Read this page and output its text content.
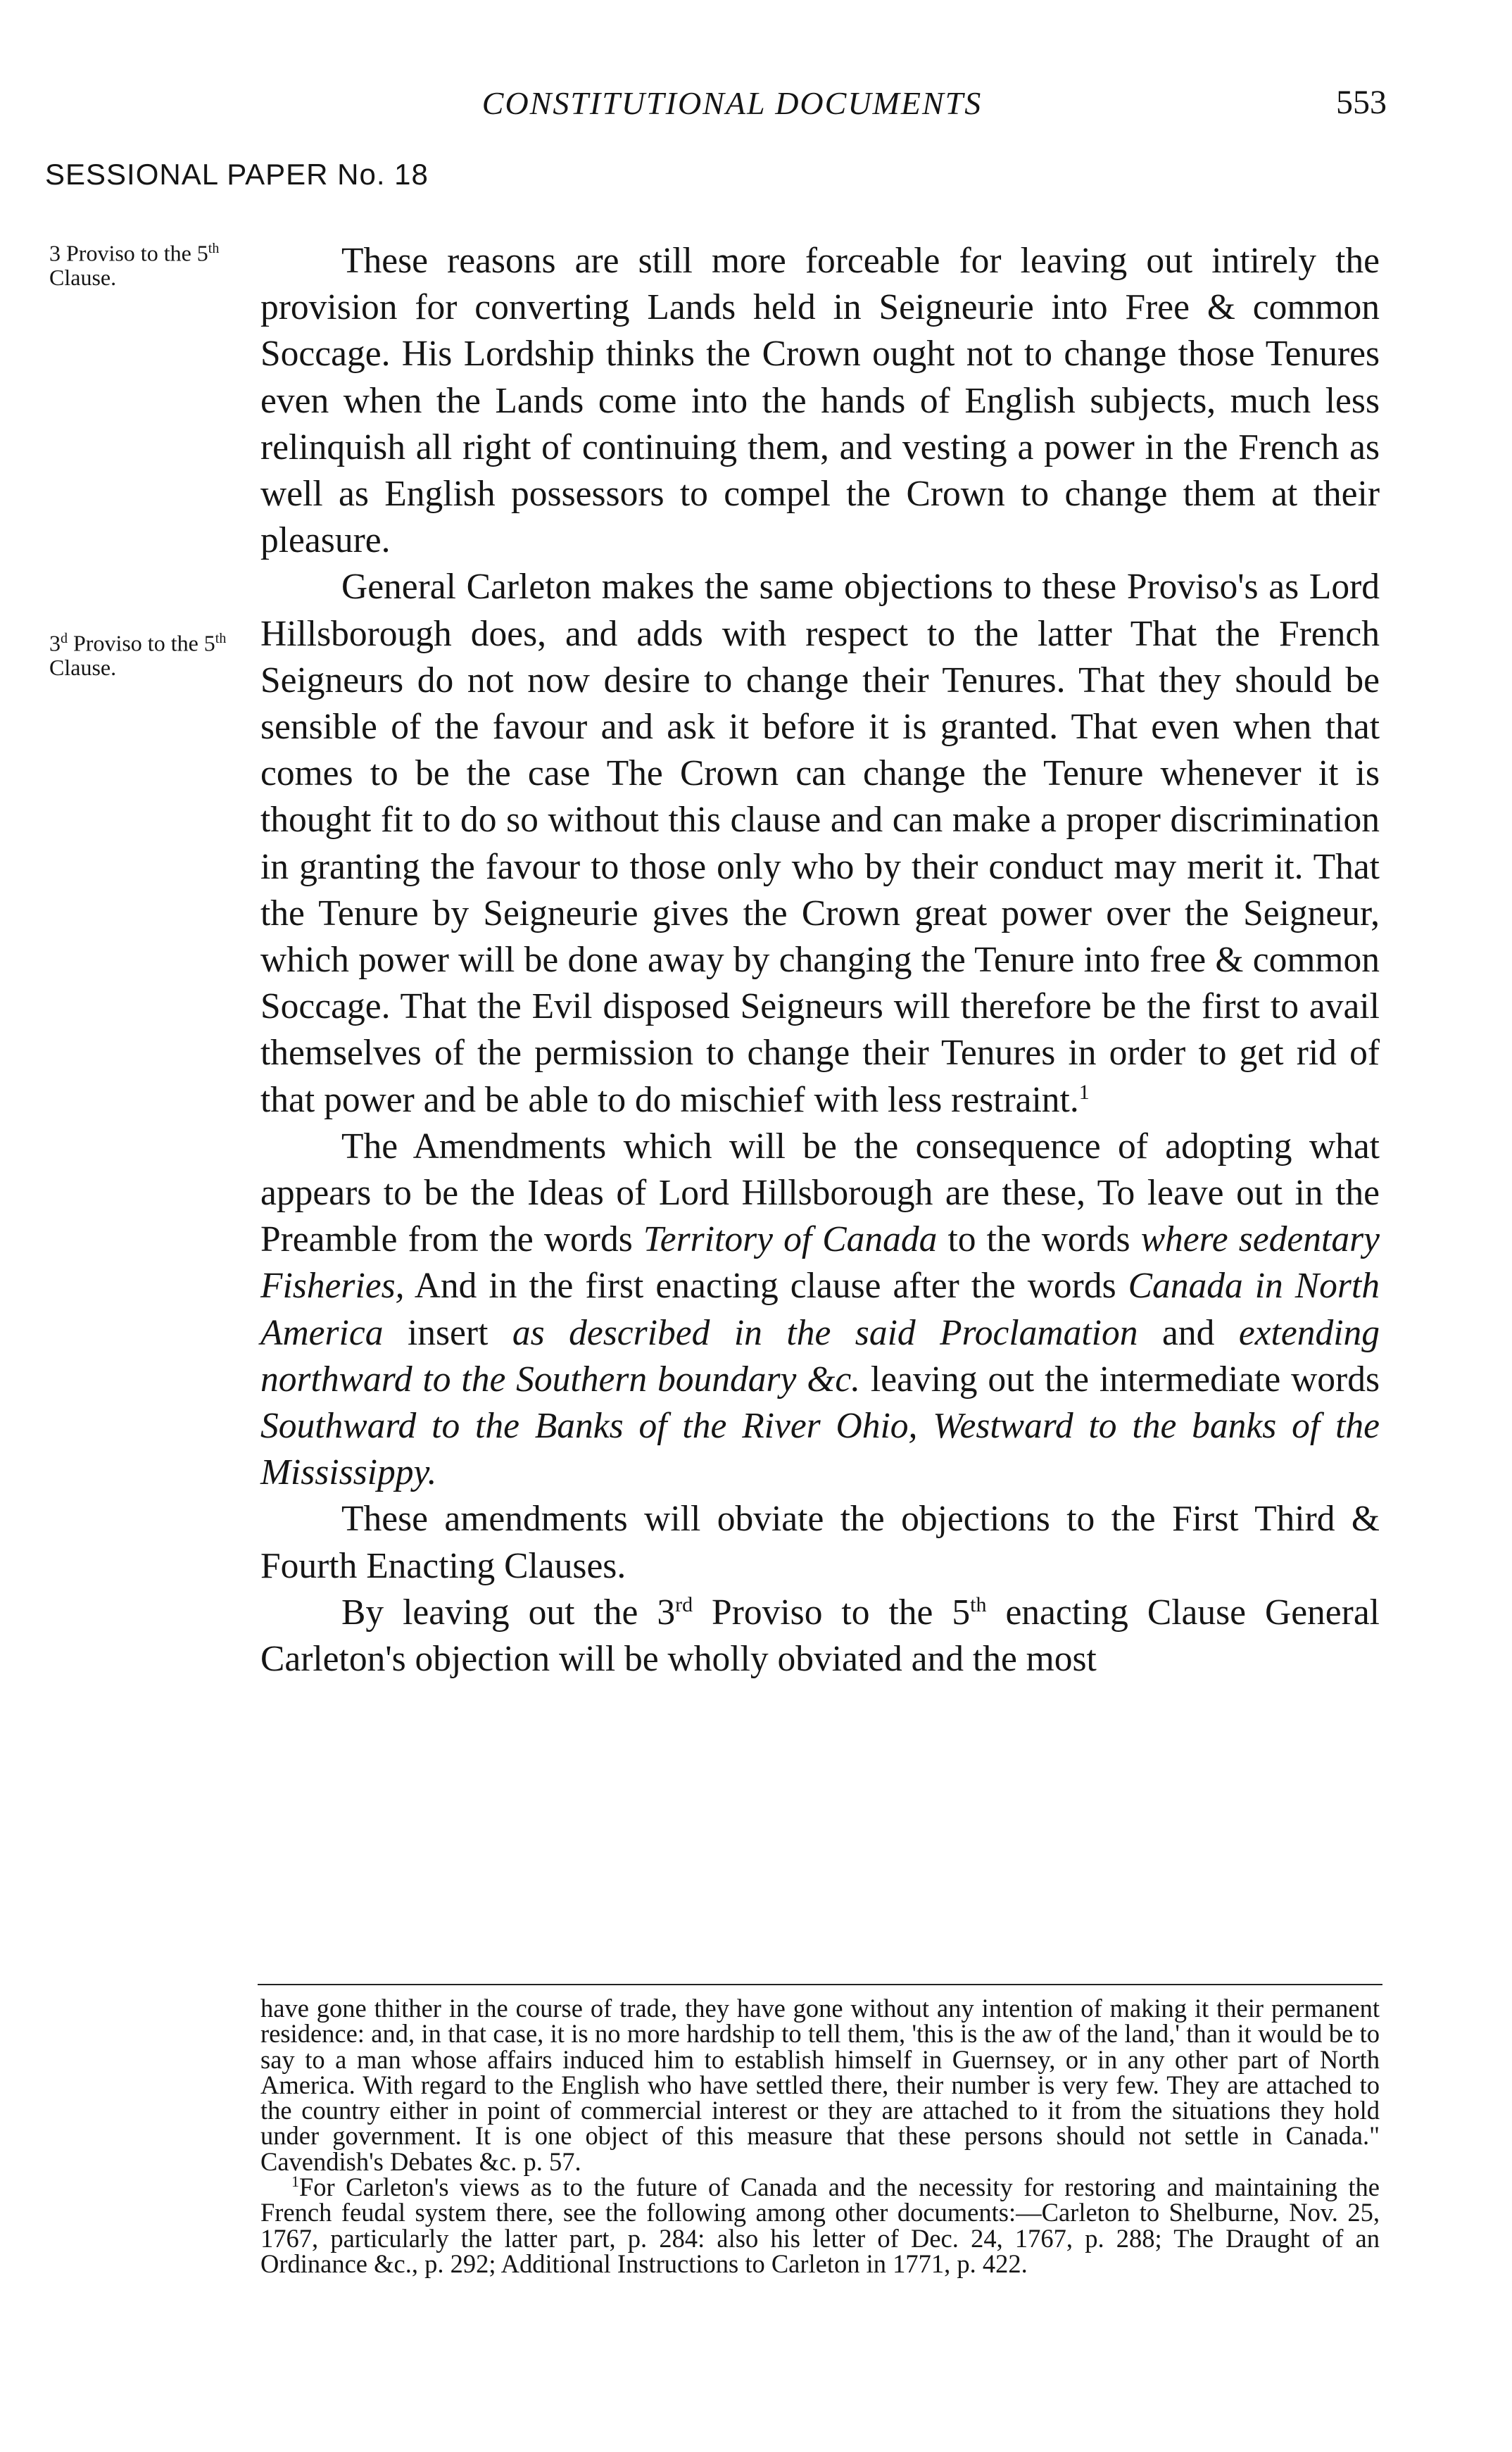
CONSTITUTIONAL DOCUMENTS	553
SESSIONAL PAPER No. 18
3 Proviso to the 5th Clause.
3$^d$ Proviso to the 5th Clause.

These reasons are still more forceable for leaving out intirely the provision for converting Lands held in Seigneurie into Free & common Soccage. His Lordship thinks the Crown ought not to change those Tenures even when the Lands come into the hands of English subjects, much less relinquish all right of continuing them, and vesting a power in the French as well as English possessors to compel the Crown to change them at their pleasure.

General Carleton makes the same objections to these Proviso's as Lord Hillsborough does, and adds with respect to the latter That the French Seigneurs do not now desire to change their Tenures. That they should be sensible of the favour and ask it before it is granted. That even when that comes to be the case The Crown can change the Tenure whenever it is thought fit to do so without this clause and can make a proper discrimination in granting the favour to those only who by their conduct may merit it. That the Tenure by Seigneurie gives the Crown great power over the Seigneur, which power will be done away by changing the Tenure into free & common Soccage. That the Evil disposed Seigneurs will therefore be the first to avail themselves of the permission to change their Tenures in order to get rid of that power and be able to do mischief with less restraint.$^1$

The Amendments which will be the consequence of adopting what appears to be the Ideas of Lord Hillsborough are these, To leave out in the Preamble from the words Territory of Canada to the words where sedentary Fisheries, And in the first enacting clause after the words Canada in North America insert as described in the said Proclamation and extending northward to the Southern boundary &c. leaving out the intermediate words Southward to the Banks of the River Ohio, Westward to the banks of the Mississippy.

These amendments will obviate the objections to the First Third & Fourth Enacting Clauses.

By leaving out the 3rd Proviso to the 5th enacting Clause General Carleton's objection will be wholly obviated and the most

have gone thither in the course of trade, they have gone without any intention of making it their permanent residence: and, in that case, it is no more hardship to tell them, 'this is the aw of the land,' than it would be to say to a man whose affairs induced him to establish himself in Guernsey, or in any other part of North America. With regard to the English who have settled there, their number is very few. They are attached to the country either in point of commercial interest or they are attached to it from the situations they hold under government. It is one object of this measure that these persons should not settle in Canada." Cavendish's Debates &c. p. 57.

$^1$For Carleton's views as to the future of Canada and the necessity for restoring and maintaining the French feudal system there, see the following among other documents:—Carleton to Shelburne, Nov. 25, 1767, particularly the latter part, p. 284: also his letter of Dec. 24, 1767, p. 288; The Draught of an Ordinance &c., p. 292; Additional Instructions to Carleton in 1771, p. 422.
